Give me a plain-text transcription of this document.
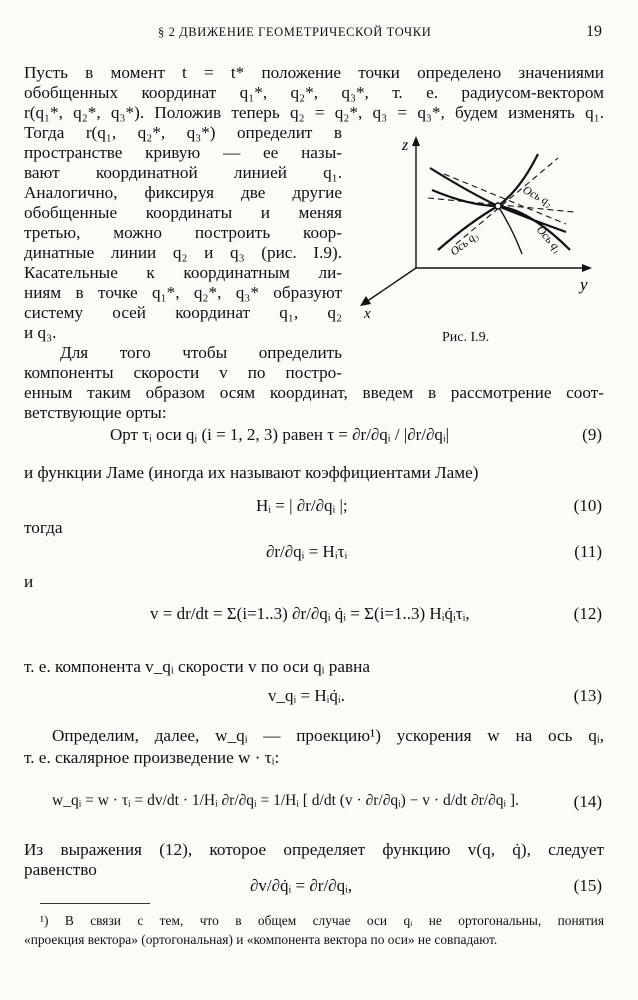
§ 2 ДВИЖЕНИЕ ГЕОМЕТРИЧЕСКОЙ ТОЧКИ	19
Пусть в момент t = t* положение точки определено значениями
обобщенных координат q₁*, q₂*, q₃*, т. е. радиусом-вектором
r(q₁*, q₂*, q₃*). Положив теперь q₂ = q₂*, q₃ = q₃*, будем изменять q₁.
Тогда r(q₁, q₂*, q₃*) определит в
пространстве кривую — ее назы-
вают координатной линией q₁.
Аналогично, фиксируя две другие
обобщенные координаты и меняя
третью, можно построить коор-
динатные линии q₂ и q₃ (рис. I.9).
Касательные к координатным ли-
ниям в точке q₁*, q₂*, q₃* образуют
систему осей координат q₁, q₂
и q₃.
Для того чтобы определить
компоненты скорости v по постро-
z
y
x
Ось q₂
Ось q₁
Ось q₃
Рис. I.9.
енным таким образом осям координат, введем в рассмотрение соот-
ветствующие орты:
Орт τᵢ оси qᵢ (i = 1, 2, 3) равен τ = ∂r/∂qᵢ / |∂r/∂qᵢ|	(9)
и функции Ламе (иногда их называют коэффициентами Ламе)
Hᵢ = | ∂r/∂qᵢ |;	(10)
тогда
∂r/∂qᵢ = Hᵢτᵢ	(11)
и
v = dr/dt = Σ(i=1..3) ∂r/∂qᵢ q̇ᵢ = Σ(i=1..3) Hᵢq̇ᵢτᵢ,	(12)
т. е. компонента v_qᵢ скорости v по оси qᵢ равна
v_qᵢ = Hᵢq̇ᵢ.	(13)
Определим, далее, w_qᵢ — проекцию¹) ускорения w на ось qᵢ,
т. е. скалярное произведение w · τᵢ:
w_qᵢ = w · τᵢ = dv/dt · 1/Hᵢ ∂r/∂qᵢ = 1/Hᵢ [ d/dt (v · ∂r/∂qᵢ) − v · d/dt ∂r/∂qᵢ ].	(14)
Из выражения (12), которое определяет функцию v(q, q̇), следует
равенство
∂v/∂q̇ᵢ = ∂r/∂qᵢ,	(15)
¹) В связи с тем, что в общем случае оси qᵢ не ортогональны, понятия
«проекция вектора» (ортогональная) и «компонента вектора по оси» не совпадают.
